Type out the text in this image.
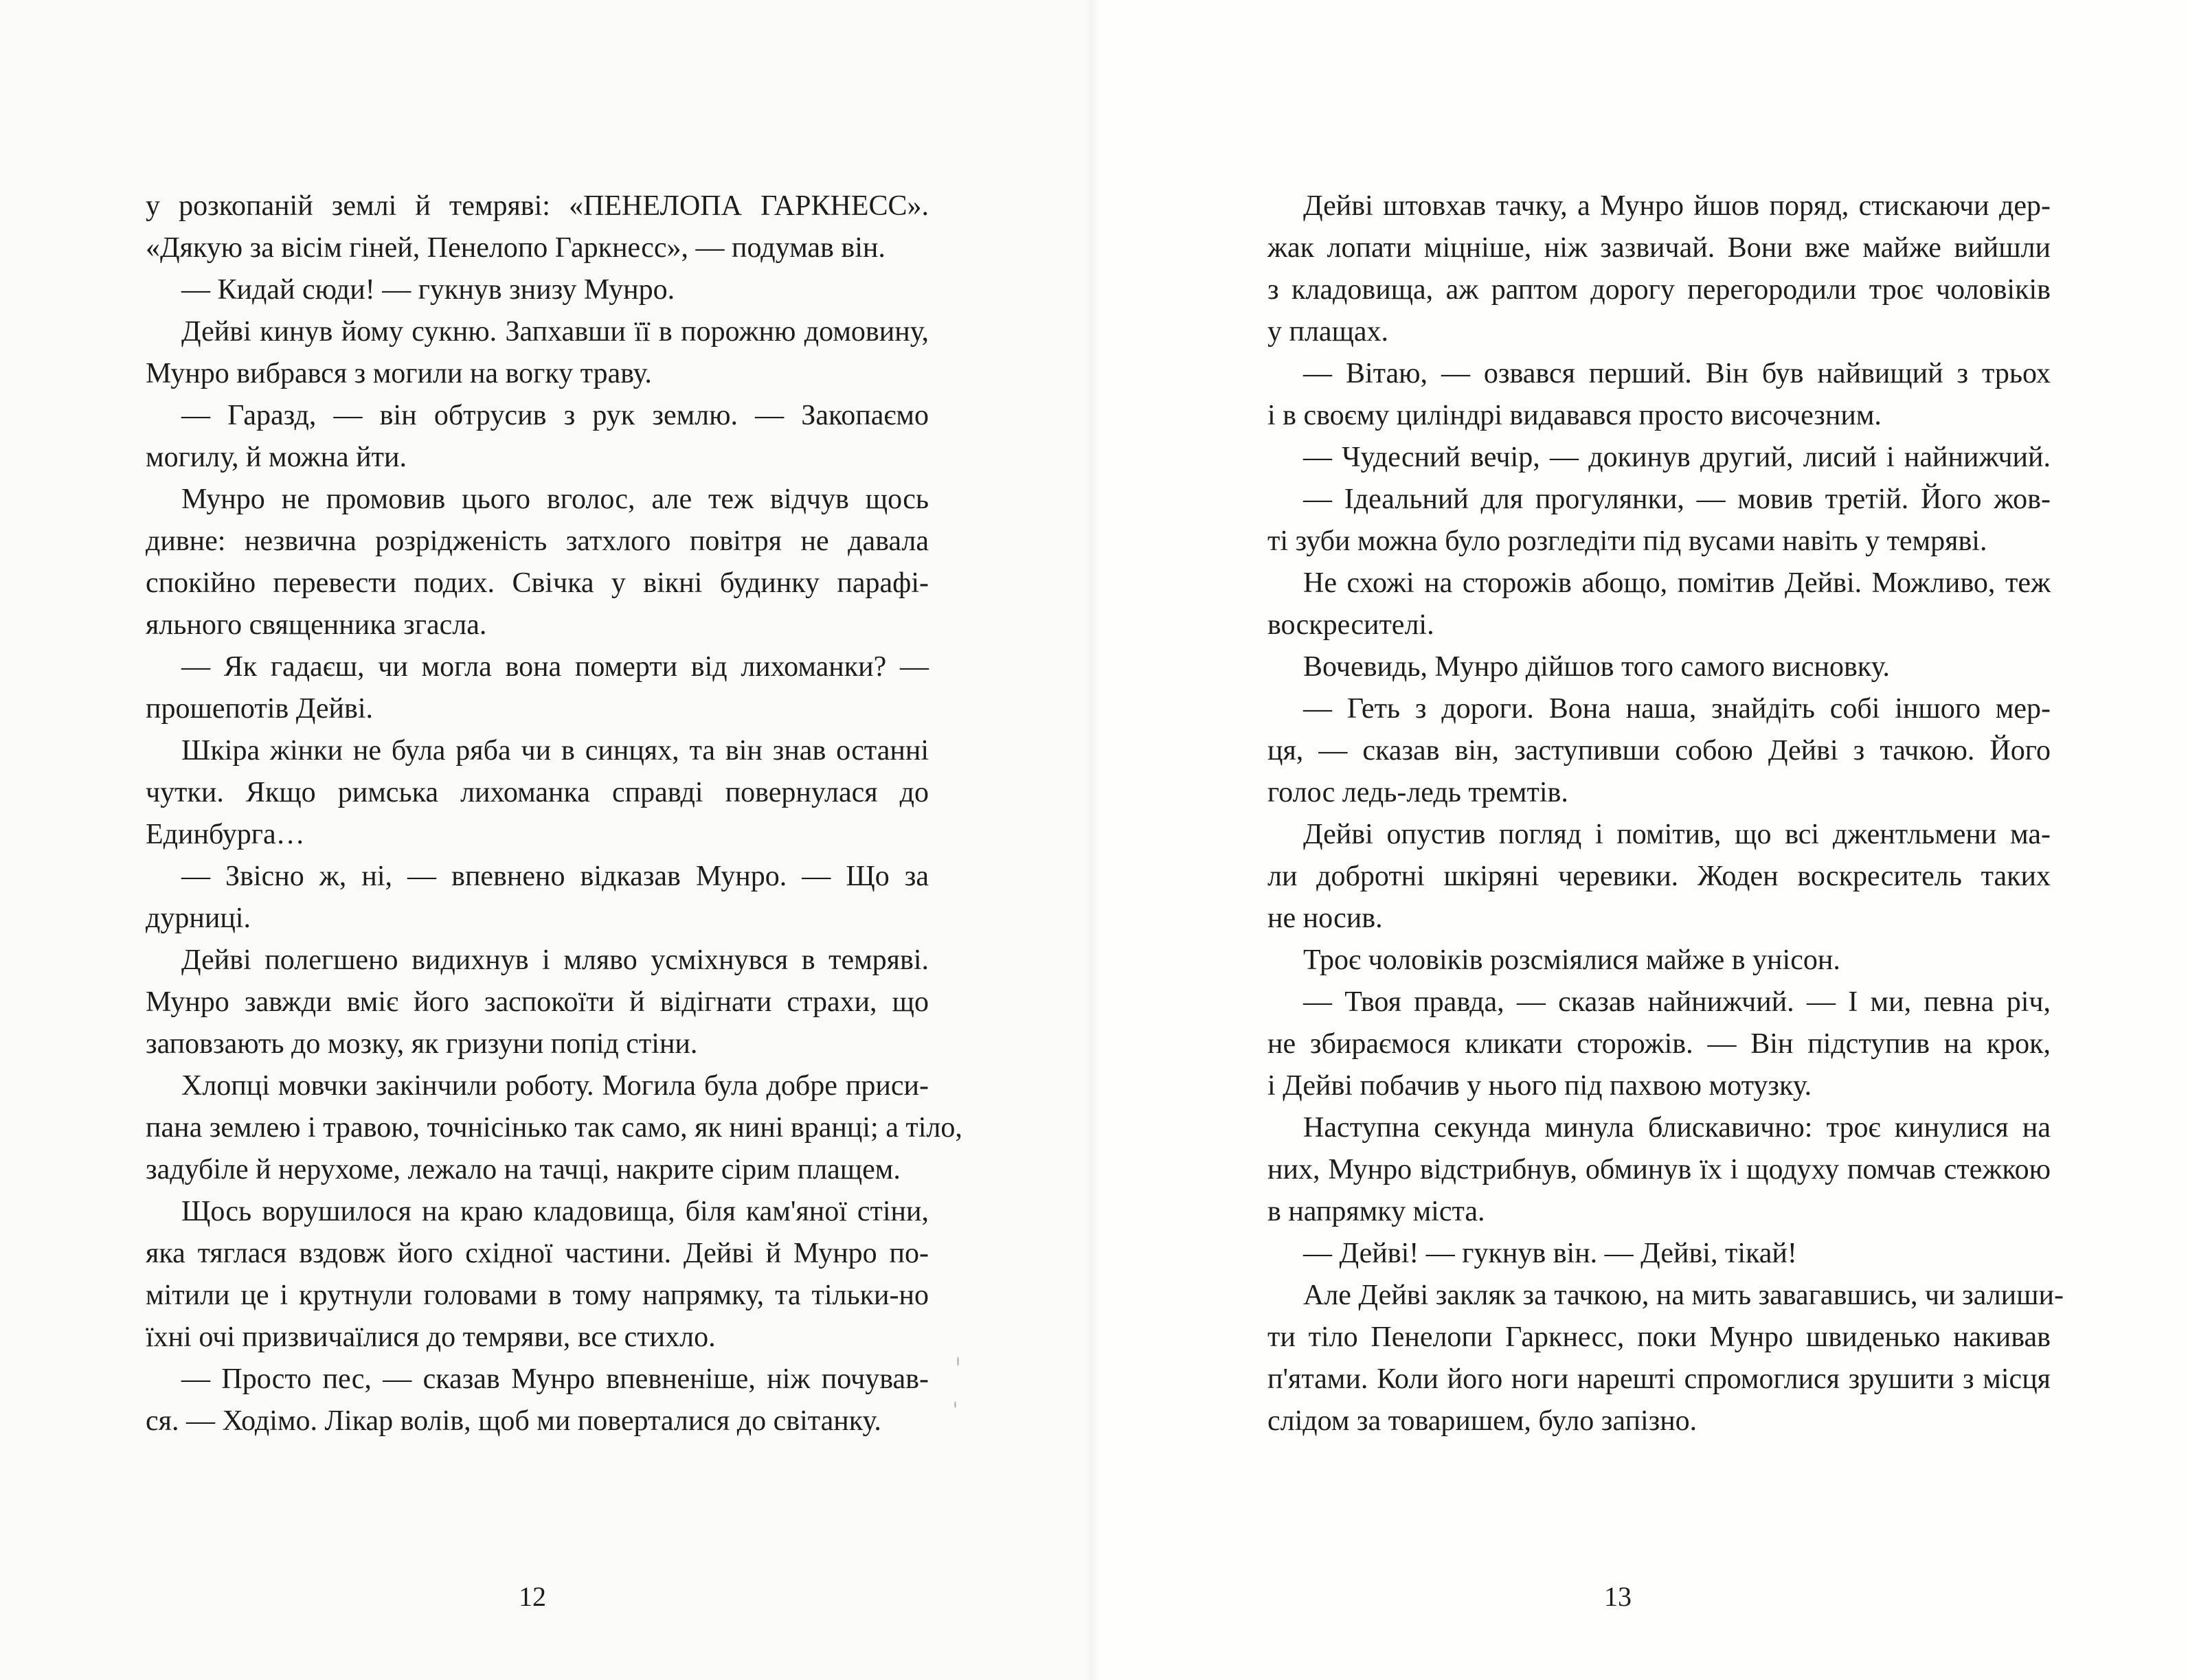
у розкопаній землі й темряві: «ПЕНЕЛОПА ГАРКНЕСС».
«Дякую за вісім гіней, Пенелопо Гаркнесс», — подумав він.
— Кидай сюди! — гукнув знизу Мунро.
Дейві кинув йому сукню. Запхавши її в порожню домовину,
Мунро вибрався з могили на вогку траву.
— Гаразд, — він обтрусив з рук землю. — Закопаємо
могилу, й можна йти.
Мунро не промовив цього вголос, але теж відчув щось
дивне: незвична розрідженість затхлого повітря не давала
спокійно перевести подих. Свічка у вікні будинку парафі-
яльного священника згасла.
— Як гадаєш, чи могла вона померти від лихоманки? —
прошепотів Дейві.
Шкіра жінки не була ряба чи в синцях, та він знав останні
чутки. Якщо римська лихоманка справді повернулася до
Единбурга…
— Звісно ж, ні, — впевнено відказав Мунро. — Що за
дурниці.
Дейві полегшено видихнув і мляво усміхнувся в темряві.
Мунро завжди вміє його заспокоїти й відігнати страхи, що
заповзають до мозку, як гризуни попід стіни.
Хлопці мовчки закінчили роботу. Могила була добре приси-
пана землею і травою, точнісінько так само, як нині вранці; а тіло,
задубіле й нерухоме, лежало на тачці, накрите сірим плащем.
Щось ворушилося на краю кладовища, біля кам'яної стіни,
яка тяглася вздовж його східної частини. Дейві й Мунро по-
мітили це і крутнули головами в тому напрямку, та тільки-но
їхні очі призвичаїлися до темряви, все стихло.
— Просто пес, — сказав Мунро впевненіше, ніж почував-
ся. — Ходімо. Лікар волів, щоб ми поверталися до світанку.
12
Дейві штовхав тачку, а Мунро йшов поряд, стискаючи дер-
жак лопати міцніше, ніж зазвичай. Вони вже майже вийшли
з кладовища, аж раптом дорогу перегородили троє чоловіків
у плащах.
— Вітаю, — озвався перший. Він був найвищий з трьох
і в своєму циліндрі видавався просто височезним.
— Чудесний вечір, — докинув другий, лисий і найнижчий.
— Ідеальний для прогулянки, — мовив третій. Його жов-
ті зуби можна було розгледіти під вусами навіть у темряві.
Не схожі на сторожів абощо, помітив Дейві. Можливо, теж
воскресителі.
Вочевидь, Мунро дійшов того самого висновку.
— Геть з дороги. Вона наша, знайдіть собі іншого мер-
ця, — сказав він, заступивши собою Дейві з тачкою. Його
голос ледь-ледь тремтів.
Дейві опустив погляд і помітив, що всі джентльмени ма-
ли добротні шкіряні черевики. Жоден воскреситель таких
не носив.
Троє чоловіків розсміялися майже в унісон.
— Твоя правда, — сказав найнижчий. — І ми, певна річ,
не збираємося кликати сторожів. — Він підступив на крок,
і Дейві побачив у нього під пахвою мотузку.
Наступна секунда минула блискавично: троє кинулися на
них, Мунро відстрибнув, обминув їх і щодуху помчав стежкою
в напрямку міста.
— Дейві! — гукнув він. — Дейві, тікай!
Але Дейві закляк за тачкою, на мить завагавшись, чи залиши-
ти тіло Пенелопи Гаркнесс, поки Мунро швиденько накивав
п'ятами. Коли його ноги нарешті спромоглися зрушити з місця
слідом за товаришем, було запізно.
13
